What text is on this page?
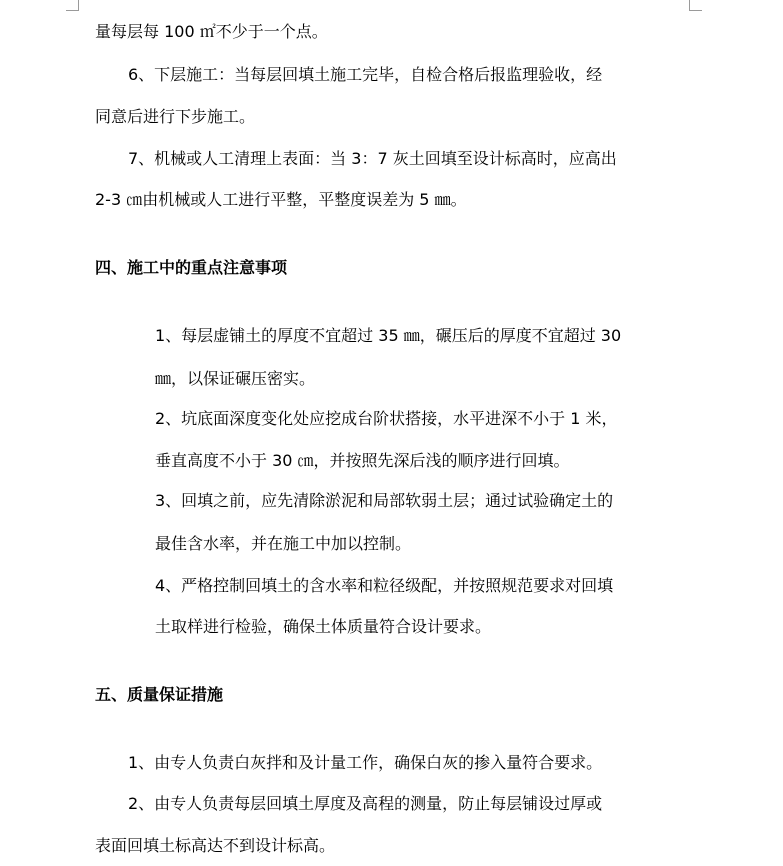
量每层每 100 ㎡不少于一个点。
6、下层施工：当每层回填土施工完毕，自检合格后报监理验收，经
同意后进行下步施工。
7、机械或人工清理上表面：当 3：7 灰土回填至设计标高时，应高出
2-3 ㎝由机械或人工进行平整，平整度误差为 5 ㎜。
四、施工中的重点注意事项
1、每层虚铺土的厚度不宜超过 35 ㎜，碾压后的厚度不宜超过 30
㎜，以保证碾压密实。
2、坑底面深度变化处应挖成台阶状搭接，水平进深不小于 1 米，
垂直高度不小于 30 ㎝，并按照先深后浅的顺序进行回填。
3、回填之前，应先清除淤泥和局部软弱土层；通过试验确定土的
最佳含水率，并在施工中加以控制。
4、严格控制回填土的含水率和粒径级配，并按照规范要求对回填
土取样进行检验，确保土体质量符合设计要求。
五、质量保证措施
1、由专人负责白灰拌和及计量工作，确保白灰的掺入量符合要求。
2、由专人负责每层回填土厚度及高程的测量，防止每层铺设过厚或
表面回填土标高达不到设计标高。
